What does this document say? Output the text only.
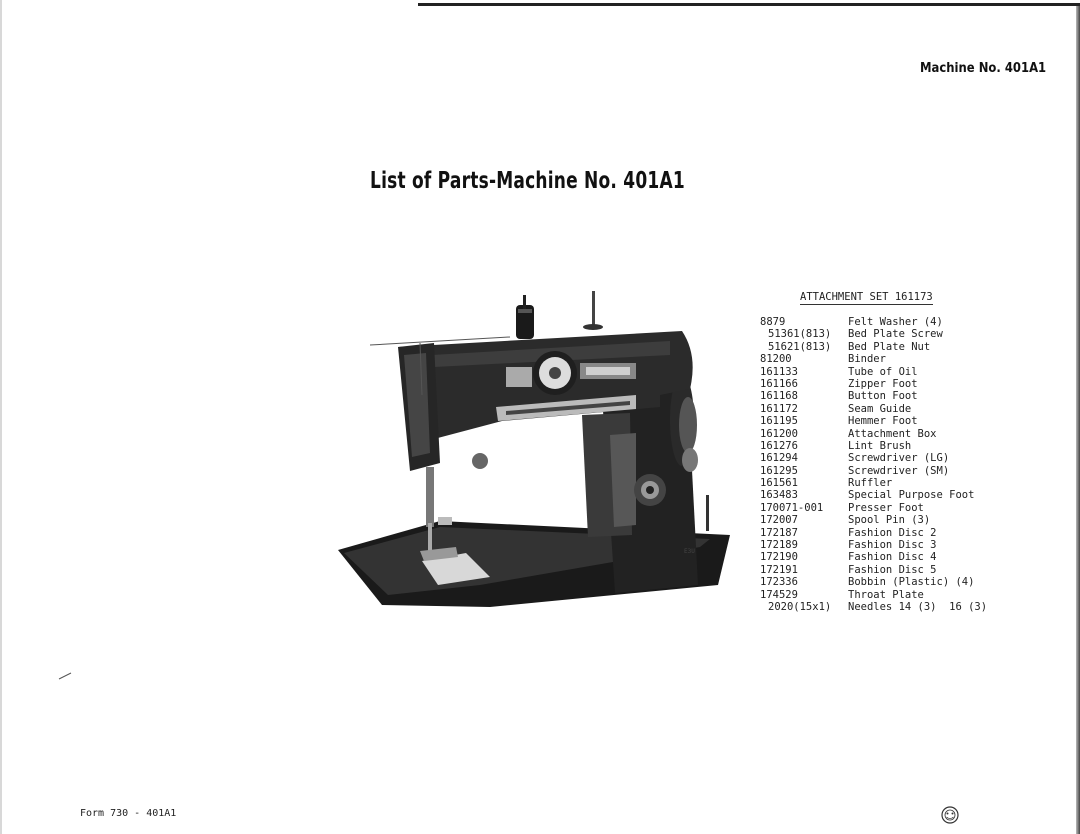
Machine No. 401A1
List of Parts-Machine No. 401A1
E3U
ATTACHMENT SET 161173
8879	Felt Washer (4)
51361(813)	Bed Plate Screw
51621(813)	Bed Plate Nut
81200	Binder
161133	Tube of Oil
161166	Zipper Foot
161168	Button Foot
161172	Seam Guide
161195	Hemmer Foot
161200	Attachment Box
161276	Lint Brush
161294	Screwdriver (LG)
161295	Screwdriver (SM)
161561	Ruffler
163483	Special Purpose Foot
170071-001	Presser Foot
172007	Spool Pin (3)
172187	Fashion Disc 2
172189	Fashion Disc 3
172190	Fashion Disc 4
172191	Fashion Disc 5
172336	Bobbin (Plastic) (4)
174529	Throat Plate
2020(15x1)	Needles 14 (3)  16 (3)
Form 730 - 401A1
